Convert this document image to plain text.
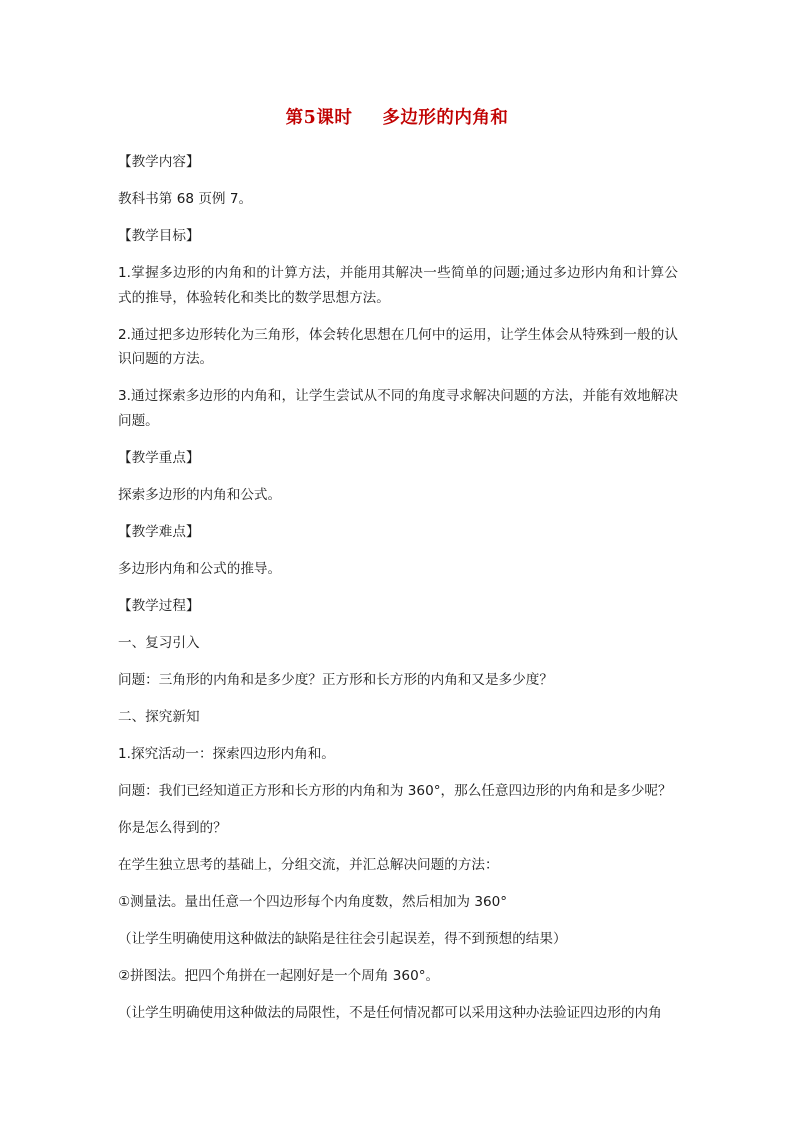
第5课时 多边形的内角和

【教学内容】

教科书第 68 页例 7。

【教学目标】

1.掌握多边形的内角和的计算方法，并能用其解决一些简单的问题;通过多边形内角和计算公式的推导，体验转化和类比的数学思想方法。

2.通过把多边形转化为三角形，体会转化思想在几何中的运用，让学生体会从特殊到一般的认识问题的方法。

3.通过探索多边形的内角和，让学生尝试从不同的角度寻求解决问题的方法，并能有效地解决问题。

【教学重点】

探索多边形的内角和公式。

【教学难点】

多边形内角和公式的推导。

【教学过程】

一、复习引入

问题：三角形的内角和是多少度？正方形和长方形的内角和又是多少度？

二、探究新知

1.探究活动一：探索四边形内角和。

问题：我们已经知道正方形和长方形的内角和为 360°，那么任意四边形的内角和是多少呢？

你是怎么得到的？

在学生独立思考的基础上，分组交流，并汇总解决问题的方法：

①测量法。量出任意一个四边形每个内角度数，然后相加为 360°

（让学生明确使用这种做法的缺陷是往往会引起误差，得不到预想的结果）

②拼图法。把四个角拼在一起刚好是一个周角 360°。

（让学生明确使用这种做法的局限性，不是任何情况都可以采用这种办法验证四边形的内角
